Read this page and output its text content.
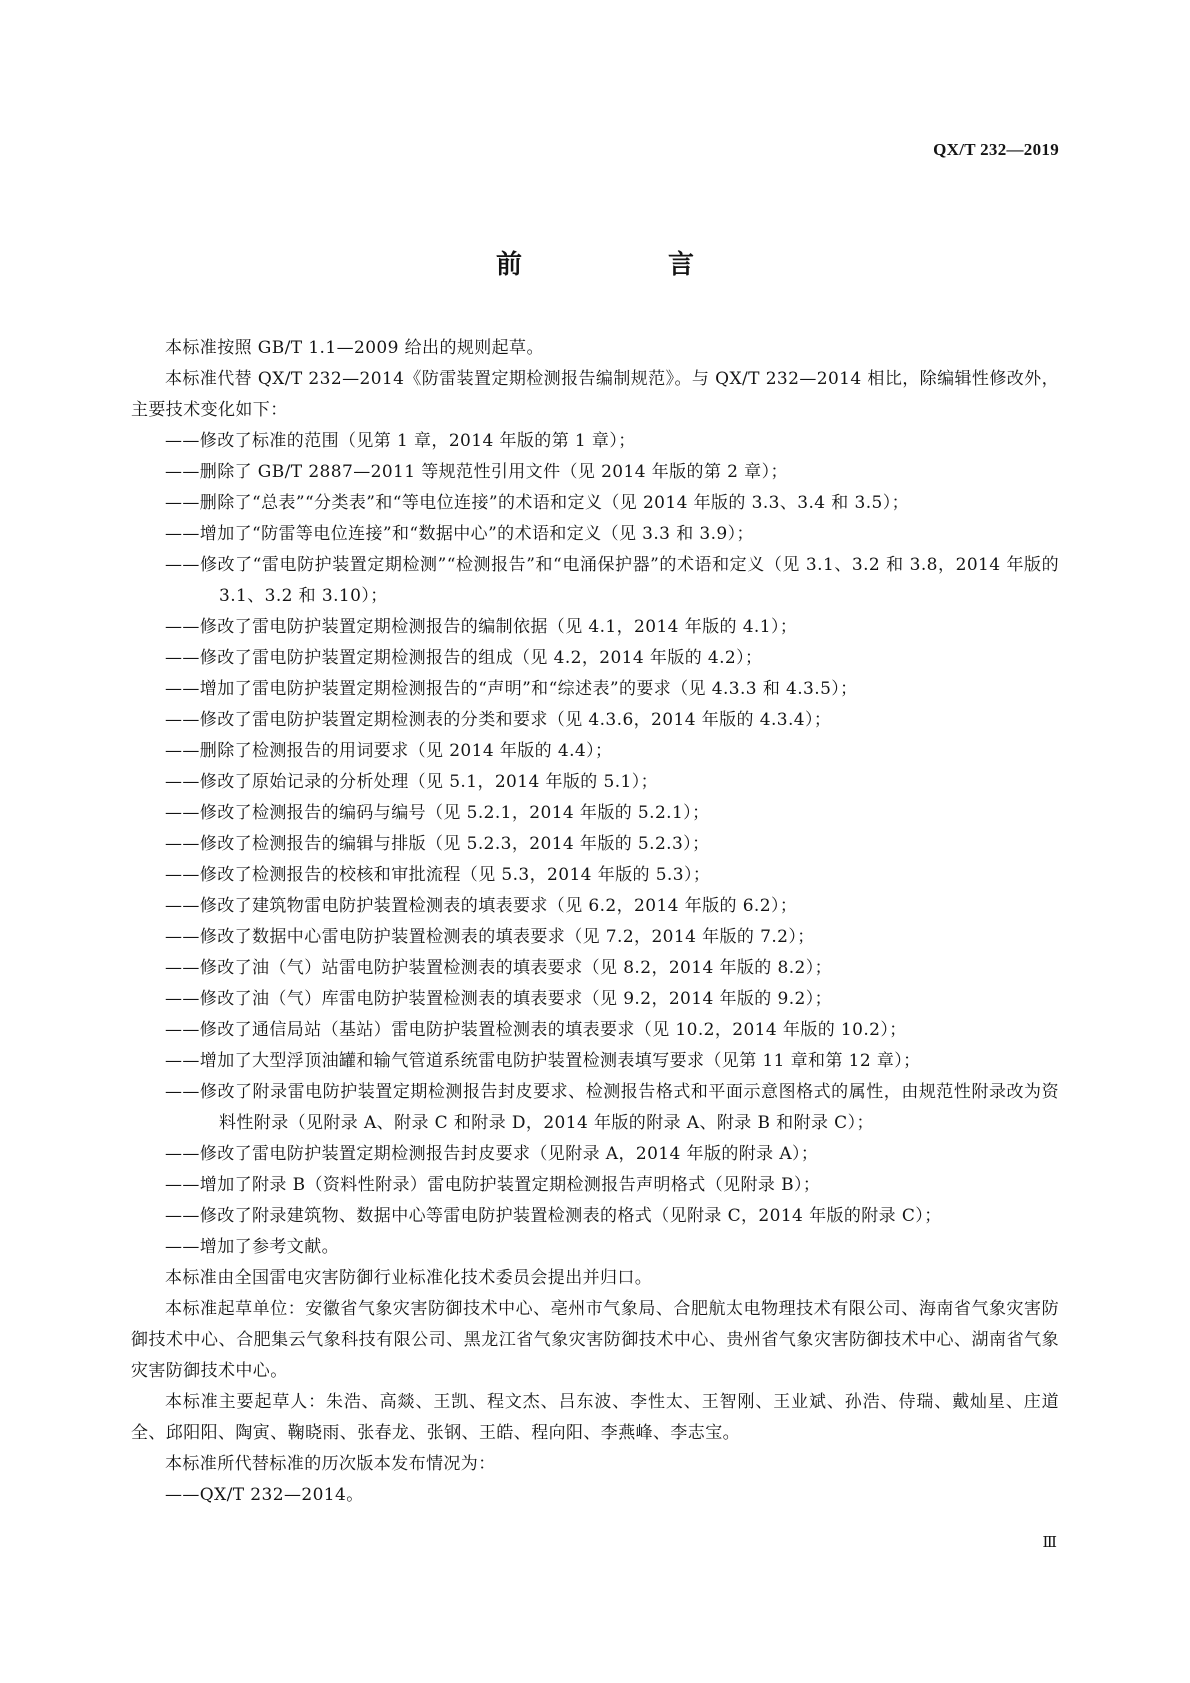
QX/T 232—2019
前　言

本标准按照 GB/T 1.1—2009 给出的规则起草。

本标准代替 QX/T 232—2014《防雷装置定期检测报告编制规范》。与 QX/T 232—2014 相比，除编辑性修改外，主要技术变化如下：

——修改了标准的范围（见第 1 章，2014 年版的第 1 章）；

——删除了 GB/T 2887—2011 等规范性引用文件（见 2014 年版的第 2 章）；

——删除了“总表”“分类表”和“等电位连接”的术语和定义（见 2014 年版的 3.3、3.4 和 3.5）；

——增加了“防雷等电位连接”和“数据中心”的术语和定义（见 3.3 和 3.9）；

——修改了“雷电防护装置定期检测”“检测报告”和“电涌保护器”的术语和定义（见 3.1、3.2 和 3.8，2014 年版的 3.1、3.2 和 3.10）；

——修改了雷电防护装置定期检测报告的编制依据（见 4.1，2014 年版的 4.1）；

——修改了雷电防护装置定期检测报告的组成（见 4.2，2014 年版的 4.2）；

——增加了雷电防护装置定期检测报告的“声明”和“综述表”的要求（见 4.3.3 和 4.3.5）；

——修改了雷电防护装置定期检测表的分类和要求（见 4.3.6，2014 年版的 4.3.4）；

——删除了检测报告的用词要求（见 2014 年版的 4.4）；

——修改了原始记录的分析处理（见 5.1，2014 年版的 5.1）；

——修改了检测报告的编码与编号（见 5.2.1，2014 年版的 5.2.1）；

——修改了检测报告的编辑与排版（见 5.2.3，2014 年版的 5.2.3）；

——修改了检测报告的校核和审批流程（见 5.3，2014 年版的 5.3）；

——修改了建筑物雷电防护装置检测表的填表要求（见 6.2，2014 年版的 6.2）；

——修改了数据中心雷电防护装置检测表的填表要求（见 7.2，2014 年版的 7.2）；

——修改了油（气）站雷电防护装置检测表的填表要求（见 8.2，2014 年版的 8.2）；

——修改了油（气）库雷电防护装置检测表的填表要求（见 9.2，2014 年版的 9.2）；

——修改了通信局站（基站）雷电防护装置检测表的填表要求（见 10.2，2014 年版的 10.2）；

——增加了大型浮顶油罐和输气管道系统雷电防护装置检测表填写要求（见第 11 章和第 12 章）；

——修改了附录雷电防护装置定期检测报告封皮要求、检测报告格式和平面示意图格式的属性，由规范性附录改为资料性附录（见附录 A、附录 C 和附录 D，2014 年版的附录 A、附录 B 和附录 C）；

——修改了雷电防护装置定期检测报告封皮要求（见附录 A，2014 年版的附录 A）；

——增加了附录 B（资料性附录）雷电防护装置定期检测报告声明格式（见附录 B）；

——修改了附录建筑物、数据中心等雷电防护装置检测表的格式（见附录 C，2014 年版的附录 C）；

——增加了参考文献。

本标准由全国雷电灾害防御行业标准化技术委员会提出并归口。

本标准起草单位：安徽省气象灾害防御技术中心、亳州市气象局、合肥航太电物理技术有限公司、海南省气象灾害防御技术中心、合肥集云气象科技有限公司、黑龙江省气象灾害防御技术中心、贵州省气象灾害防御技术中心、湖南省气象灾害防御技术中心。

本标准主要起草人：朱浩、高燚、王凯、程文杰、吕东波、李性太、王智刚、王业斌、孙浩、侍瑞、戴灿星、庄道全、邱阳阳、陶寅、鞠晓雨、张春龙、张钢、王皓、程向阳、李燕峰、李志宝。

本标准所代替标准的历次版本发布情况为：

——QX/T 232—2014。

Ⅲ
